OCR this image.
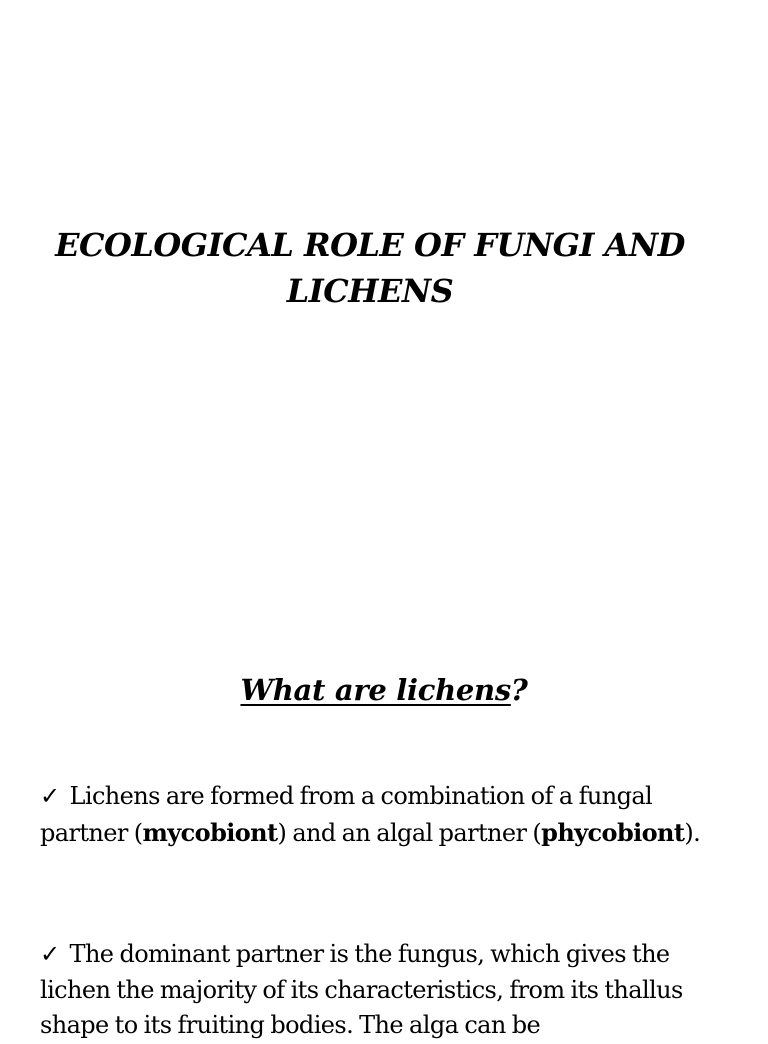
ECOLOGICAL ROLE OF FUNGI AND
LICHENS
What are lichens?
✓ Lichens are formed from a combination of a fungal partner (mycobiont) and an algal partner (phycobiont).
✓ The dominant partner is the fungus, which gives the lichen the majority of its characteristics, from its thallus shape to its fruiting bodies. The alga can be
